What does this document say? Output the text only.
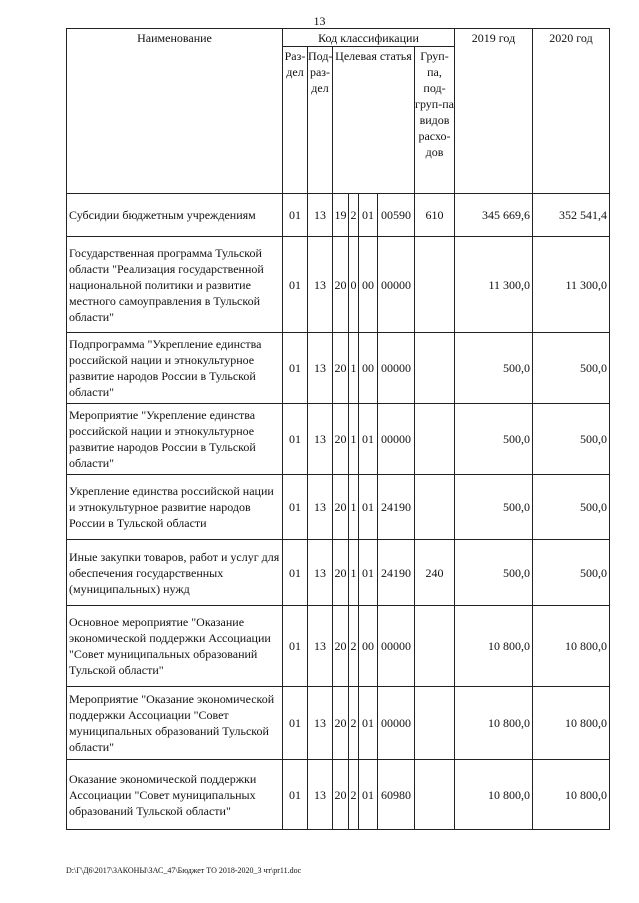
13
Наименование	Код классификации							2019 год	2020 год
	Раз-дел	Под-раз-дел	Целевая статья				Груп-па, под-груп-па видов расхо-дов		
Субсидии бюджетным учреждениям	01	13	19	2	01	00590	610	345 669,6	352 541,4
Государственная программа Тульской области "Реализация государственной национальной политики и развитие местного самоуправления в Тульской области"	01	13	20	0	00	00000		11 300,0	11 300,0
Подпрограмма "Укрепление единства российской нации и этнокультурное развитие народов России в Тульской области"	01	13	20	1	00	00000		500,0	500,0
Мероприятие "Укрепление единства российской нации и этнокультурное развитие народов России в Тульской области"	01	13	20	1	01	00000		500,0	500,0
Укрепление единства российской нации и этнокультурное развитие народов России в Тульской области	01	13	20	1	01	24190		500,0	500,0
Иные закупки товаров, работ и услуг для обеспечения государственных (муниципальных) нужд	01	13	20	1	01	24190	240	500,0	500,0
Основное мероприятие "Оказание экономической поддержки Ассоциации "Совет муниципальных образований Тульской области"	01	13	20	2	00	00000		10 800,0	10 800,0
Мероприятие "Оказание экономической поддержки Ассоциации "Совет муниципальных образований Тульской области"	01	13	20	2	01	00000		10 800,0	10 800,0
Оказание экономической поддержки Ассоциации "Совет муниципальных образований Тульской области"	01	13	20	2	01	60980		10 800,0	10 800,0
D:\Г\Д6\2017\ЗАКОНЫ\ЗАС_47\Бюджет ТО 2018-2020_3 чт\pr11.doc
